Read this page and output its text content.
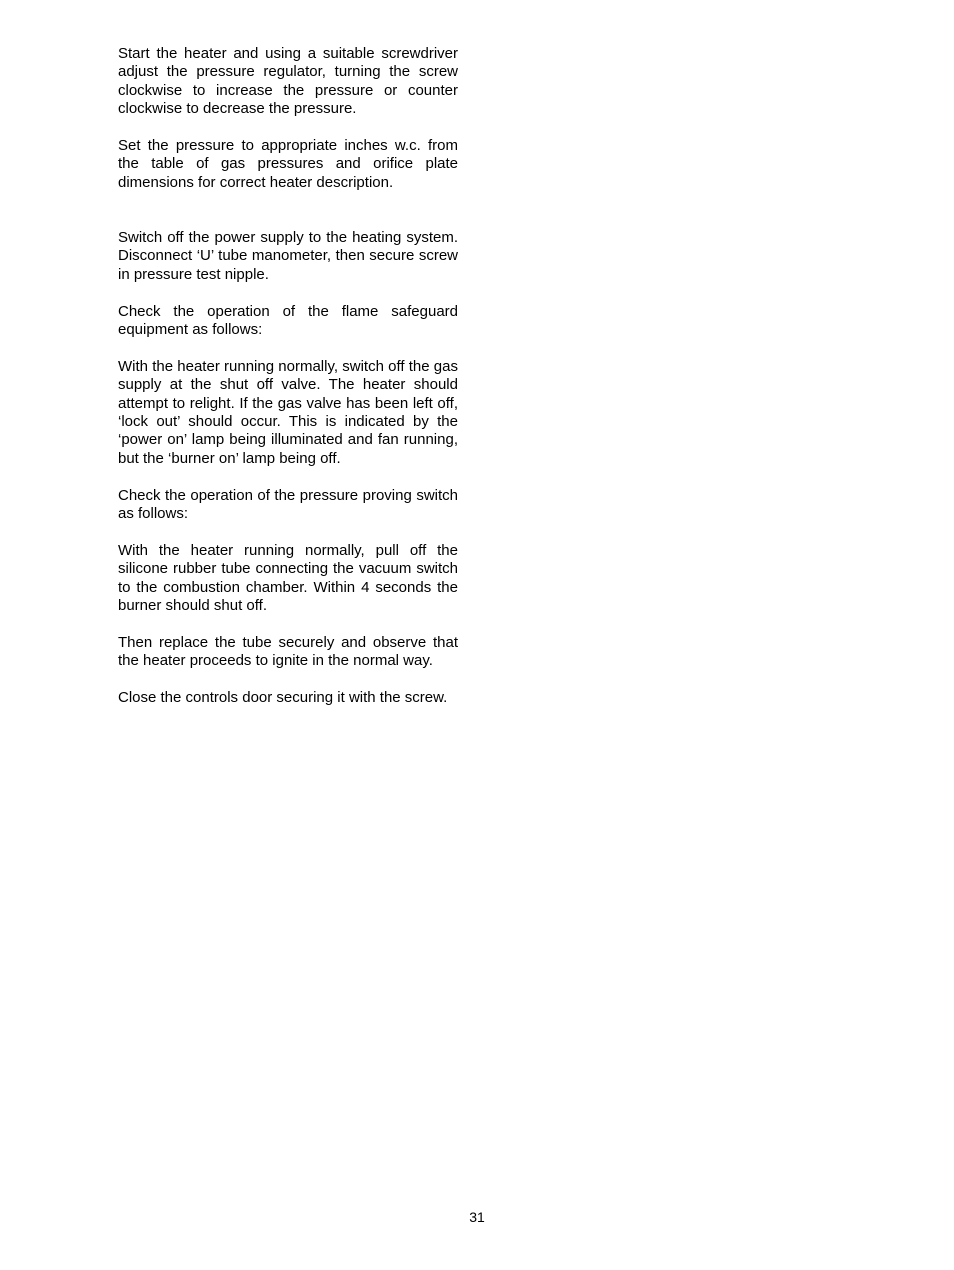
Start the heater and using a suitable screwdriver adjust the pressure regulator, turning the screw clockwise to increase the pressure or counter clockwise to decrease the pressure.

Set the pressure to appropriate inches w.c. from the table of gas pressures and orifice plate dimensions for correct heater description.

Switch off the power supply to the heating system. Disconnect ‘U’ tube manometer, then secure screw in pressure test nipple.

Check the operation of the flame safeguard equipment as follows:

With the heater running normally, switch off the gas supply at the shut off valve. The heater should attempt to relight. If the gas valve has been left off, ‘lock out’ should occur. This is indicated by the ‘power on’ lamp being illuminated and fan running, but the ‘burner on’ lamp being off.

Check the operation of the pressure proving switch as follows:

With the heater running normally, pull off the silicone rubber tube connecting the vacuum switch to the combustion chamber. Within 4 seconds the burner should shut off.

Then replace the tube securely and observe that the heater proceeds to ignite in the normal way.

Close the controls door securing it with the screw.

31
